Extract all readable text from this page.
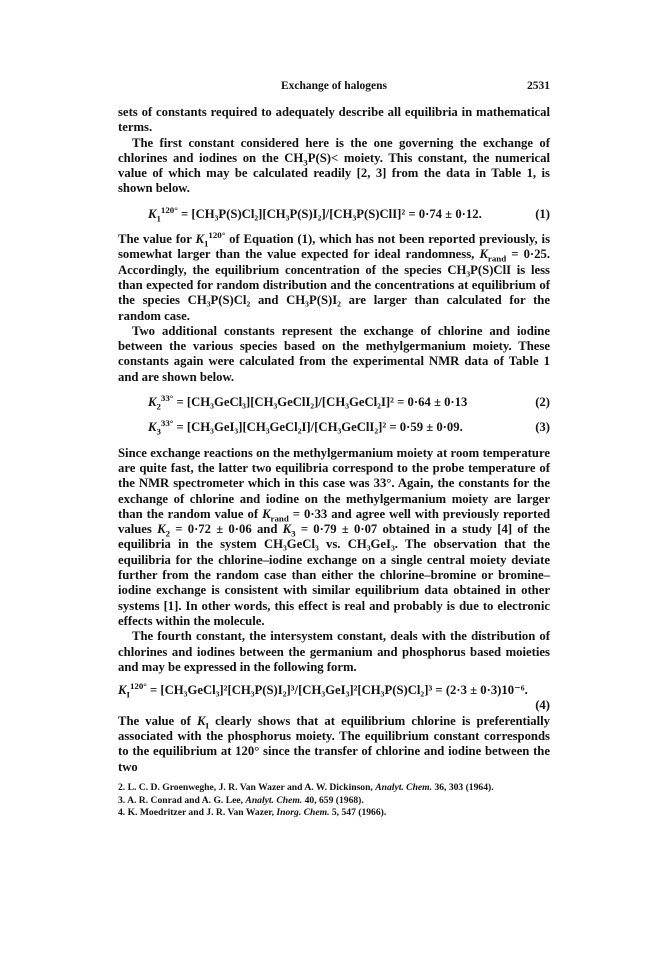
Exchange of halogens	2531

sets of constants required to adequately describe all equilibria in mathematical terms.

The first constant considered here is the one governing the exchange of chlorines and iodines on the $CH_3P(S)<$ moiety. This constant, the numerical value of which may be calculated readily [2, 3] from the data in Table 1, is shown below.

$K_1^{120^\circ} = [CH_3P(S)Cl_2][CH_3P(S)I_2]/[CH_3P(S)ClI]^2 = 0\cdot 74 \pm 0\cdot 12$.	(1)

The value for $K_1^{120^\circ}$ of Equation (1), which has not been reported previously, is somewhat larger than the value expected for ideal randomness, $K_{rand} = 0\cdot 25$. Accordingly, the equilibrium concentration of the species CH₃P(S)ClI is less than expected for random distribution and the concentrations at equilibrium of the species CH₃P(S)Cl₂ and CH₃P(S)I₂ are larger than calculated for the random case.

Two additional constants represent the exchange of chlorine and iodine between the various species based on the methylgermanium moiety. These constants again were calculated from the experimental NMR data of Table 1 and are shown below.

$K_2^{33^\circ}$ = [CH₃GeCl₃][CH₃GeClI₂]/[CH₃GeCl₂I]² = 0·64 ± 0·13	(2)
$K_3^{33^\circ}$ = [CH₃GeI₃][CH₃GeCl₂I]/[CH₃GeClI₂]² = 0·59 ± 0·09.	(3)

Since exchange reactions on the methylgermanium moiety at room temperature are quite fast, the latter two equilibria correspond to the probe temperature of the NMR spectrometer which in this case was 33°. Again, the constants for the exchange of chlorine and iodine on the methylgermanium moiety are larger than the random value of $K_{rand} = 0\cdot 33$ and agree well with previously reported values $K_2 = 0\cdot 72 \pm 0\cdot 06$ and $K_3 = 0\cdot 79 \pm 0\cdot 07$ obtained in a study [4] of the equilibria in the system CH₃GeCl₃ vs. CH₃GeI₃. The observation that the equilibria for the chlorine–iodine exchange on a single central moiety deviate further from the random case than either the chlorine–bromine or bromine–iodine exchange is consistent with similar equilibrium data obtained in other systems [1]. In other words, this effect is real and probably is due to electronic effects within the molecule.

The fourth constant, the intersystem constant, deals with the distribution of chlorines and iodines between the germanium and phosphorus based moieties and may be expressed in the following form.

$K_I^{120^\circ}$ = [CH₃GeCl₃]²[CH₃P(S)I₂]³/[CH₃GeI₃]²[CH₃P(S)Cl₂]³ = (2·3 ± 0·3)10⁻⁶.
(4)

The value of $K_I$ clearly shows that at equilibrium chlorine is preferentially associated with the phosphorus moiety. The equilibrium constant corresponds to the equilibrium at 120° since the transfer of chlorine and iodine between the two

2. L. C. D. Groenweghe, J. R. Van Wazer and A. W. Dickinson, Analyt. Chem. 36, 303 (1964).
3. A. R. Conrad and A. G. Lee, Analyt. Chem. 40, 659 (1968).
4. K. Moedritzer and J. R. Van Wazer, Inorg. Chem. 5, 547 (1966).
